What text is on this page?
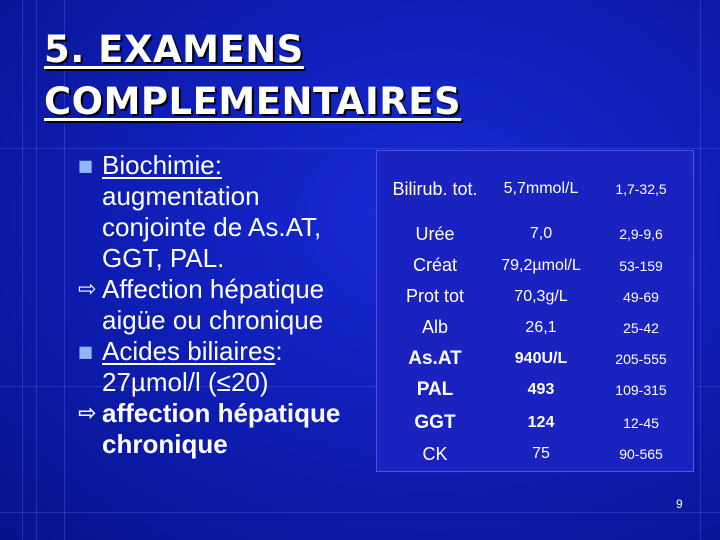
5. EXAMENS
COMPLEMENTAIRES
■ Biochimie:
augmentation
conjointe de As.AT,
GGT, PAL.
⇨ Affection hépatique
aigüe ou chronique
■ Acides biliaires:
27µmol/l (≤20)
⇨ affection hépatique
chronique
Bilirub. tot.	5,7mmol/L	1,7-32,5
Urée	7,0	2,9-9,6
Créat	79,2µmol/L	53-159
Prot tot	70,3g/L	49-69
Alb	26,1	25-42
As.AT	940U/L	205-555
PAL	493	109-315
GGT	124	12-45
CK	75	90-565
9
